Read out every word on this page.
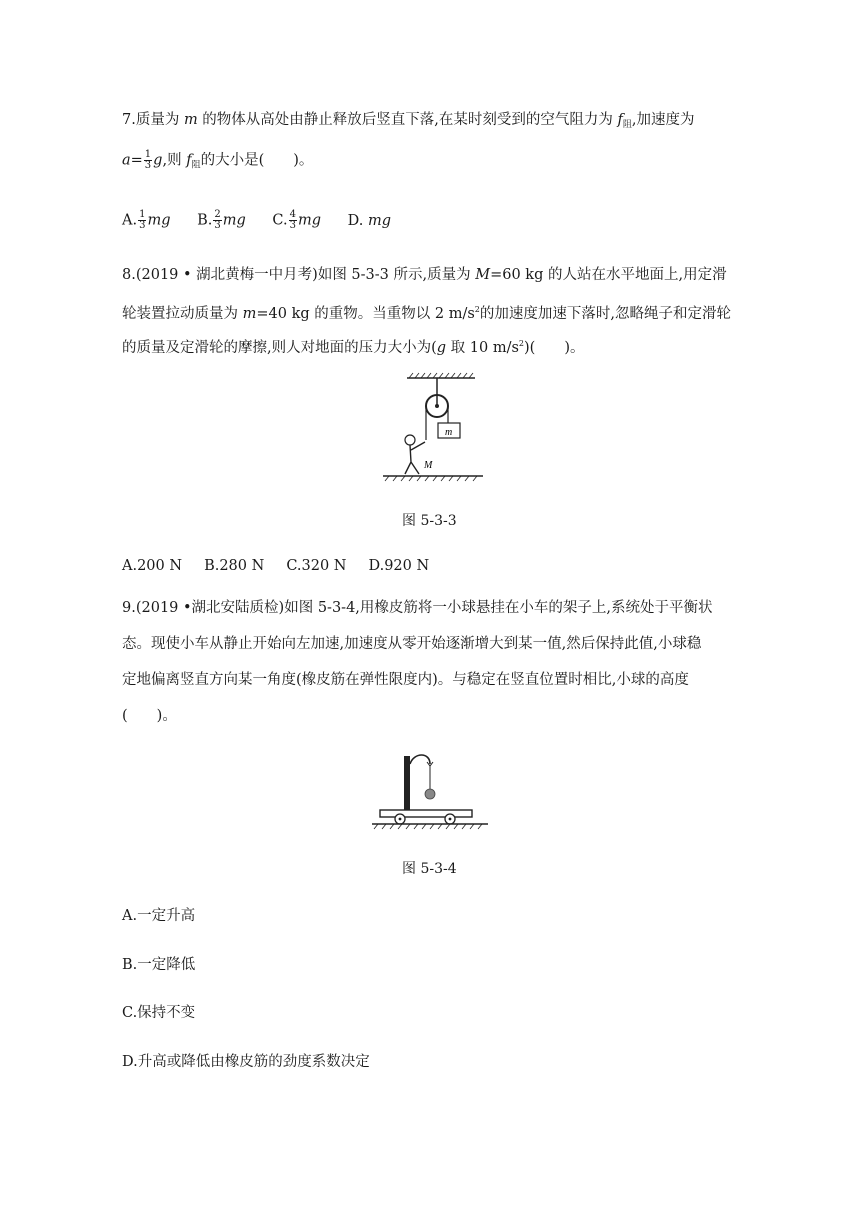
7.质量为 m 的物体从高处由静止释放后竖直下落,在某时刻受到的空气阻力为 $f_阻$,加速度为
$a= \frac{1}{3} g$,则 $f_阻$的大小是(　　)。
A. $\frac{1}{3}$ mg B. $\frac{2}{3}$ mg C. $\frac{4}{3}$ mg D. mg
8.(2019 • 湖北黄梅一中月考)如图 5-3-3 所示,质量为 M=60 kg 的人站在水平地面上,用定滑
轮装置拉动质量为 m=40 kg 的重物。当重物以 2 $m/s^2$的加速度加速下落时,忽略绳子和定滑轮
的质量及定滑轮的摩擦,则人对地面的压力大小为(g 取 10 $m/s^2$)(　　)。
m
M
图 5-3-3
A.200 N B.280 N C.320 N D.920 N
9.(2019 •湖北安陆质检)如图 5-3-4,用橡皮筋将一小球悬挂在小车的架子上,系统处于平衡状
态。现使小车从静止开始向左加速,加速度从零开始逐渐增大到某一值,然后保持此值,小球稳
定地偏离竖直方向某一角度(橡皮筋在弹性限度内)。与稳定在竖直位置时相比,小球的高度
(　　)。
图 5-3-4
A.一定升高
B.一定降低
C.保持不变
D.升高或降低由橡皮筋的劲度系数决定
